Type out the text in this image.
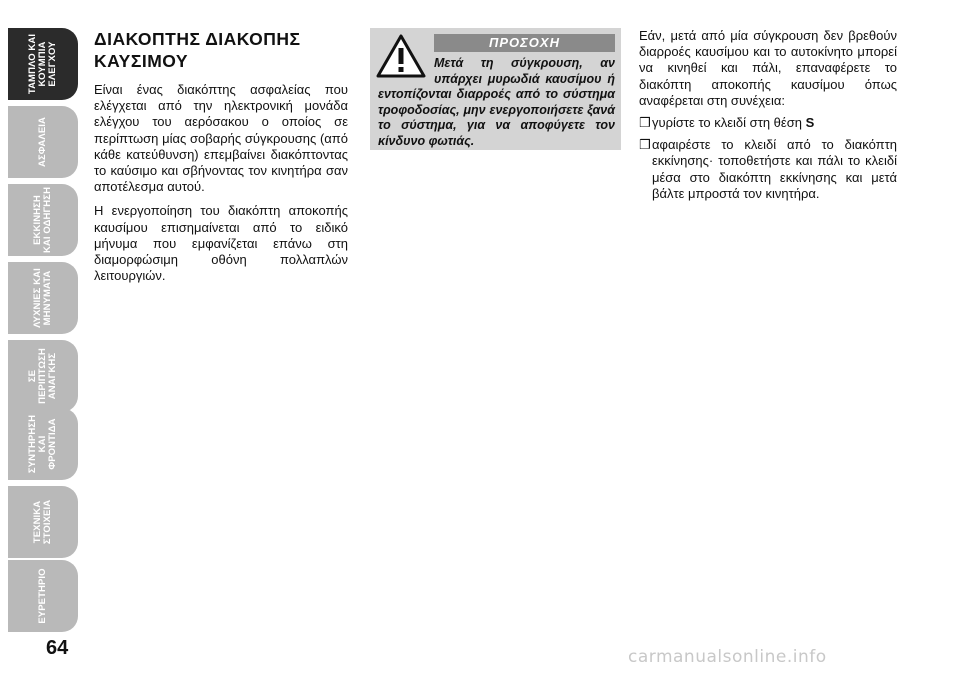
ΤΑΜΠΛΟ ΚΑΙ
ΚΟΥΜΠΙΑ
ΕΛΕΓΧΟΥ
ΑΣΦΑΛΕΙΑ
ΕΚΚΙΝΗΣΗ
ΚΑΙ ΟΔΗΓΗΣΗ
ΛΥΧΝΙΕΣ ΚΑΙ
ΜΗΝΥΜΑΤΑ
ΣΕ ΠΕΡΙΠΤΩΣΗ
ΑΝΑΓΚΗΣ
ΣΥΝΤΗΡΗΣΗ
ΚΑΙ ΦΡΟΝΤΙΔΑ
ΤΕΧΝΙΚΑ
ΣΤΟΙΧΕΙΑ
ΕΥΡΕΤΗΡΙΟ
64
ΔΙΑΚΟΠΤΗΣ ΔΙΑΚΟΠΗΣ ΚΑΥΣΙΜΟΥ

Είναι ένας διακόπτης ασφαλείας που ελέγχεται από την ηλεκτρονική μονάδα ελέγχου του αερόσακου ο οποίος σε περίπτωση μίας σοβαρής σύγκρουσης (από κάθε κατεύθυνση) επεμβαίνει διακόπτοντας το καύσιμο και σβήνοντας τον κινητήρα σαν αποτέλεσμα αυτού.

Η ενεργοποίηση του διακόπτη αποκοπής καυσίμου επισημαίνεται από το ειδικό μήνυμα που εμφανίζεται επάνω στη διαμορφώσιμη οθόνη πολλαπλών λειτουργιών.

ΠΡΟΣΟΧΗ
Μετά τη σύγκρουση, αν υπάρχει μυρωδιά καυσίμου ή εντοπίζονται διαρροές από το σύστημα τροφοδοσίας, μην ενεργοποιήσετε ξανά το σύστημα, για να αποφύγετε τον κίνδυνο φωτιάς.

Εάν, μετά από μία σύγκρουση δεν βρεθούν διαρροές καυσίμου και το αυτοκίνητο μπορεί να κινηθεί και πάλι, επαναφέρετε το διακόπτη αποκοπής καυσίμου όπως αναφέρεται στη συνέχεια:

❒ γυρίστε το κλειδί στη θέση S
❒ αφαιρέστε το κλειδί από το διακόπτη εκκίνησης· τοποθετήστε και πάλι το κλειδί μέσα στο διακόπτη εκκίνησης και μετά βάλτε μπροστά τον κινητήρα.
carmanualsonline.info
